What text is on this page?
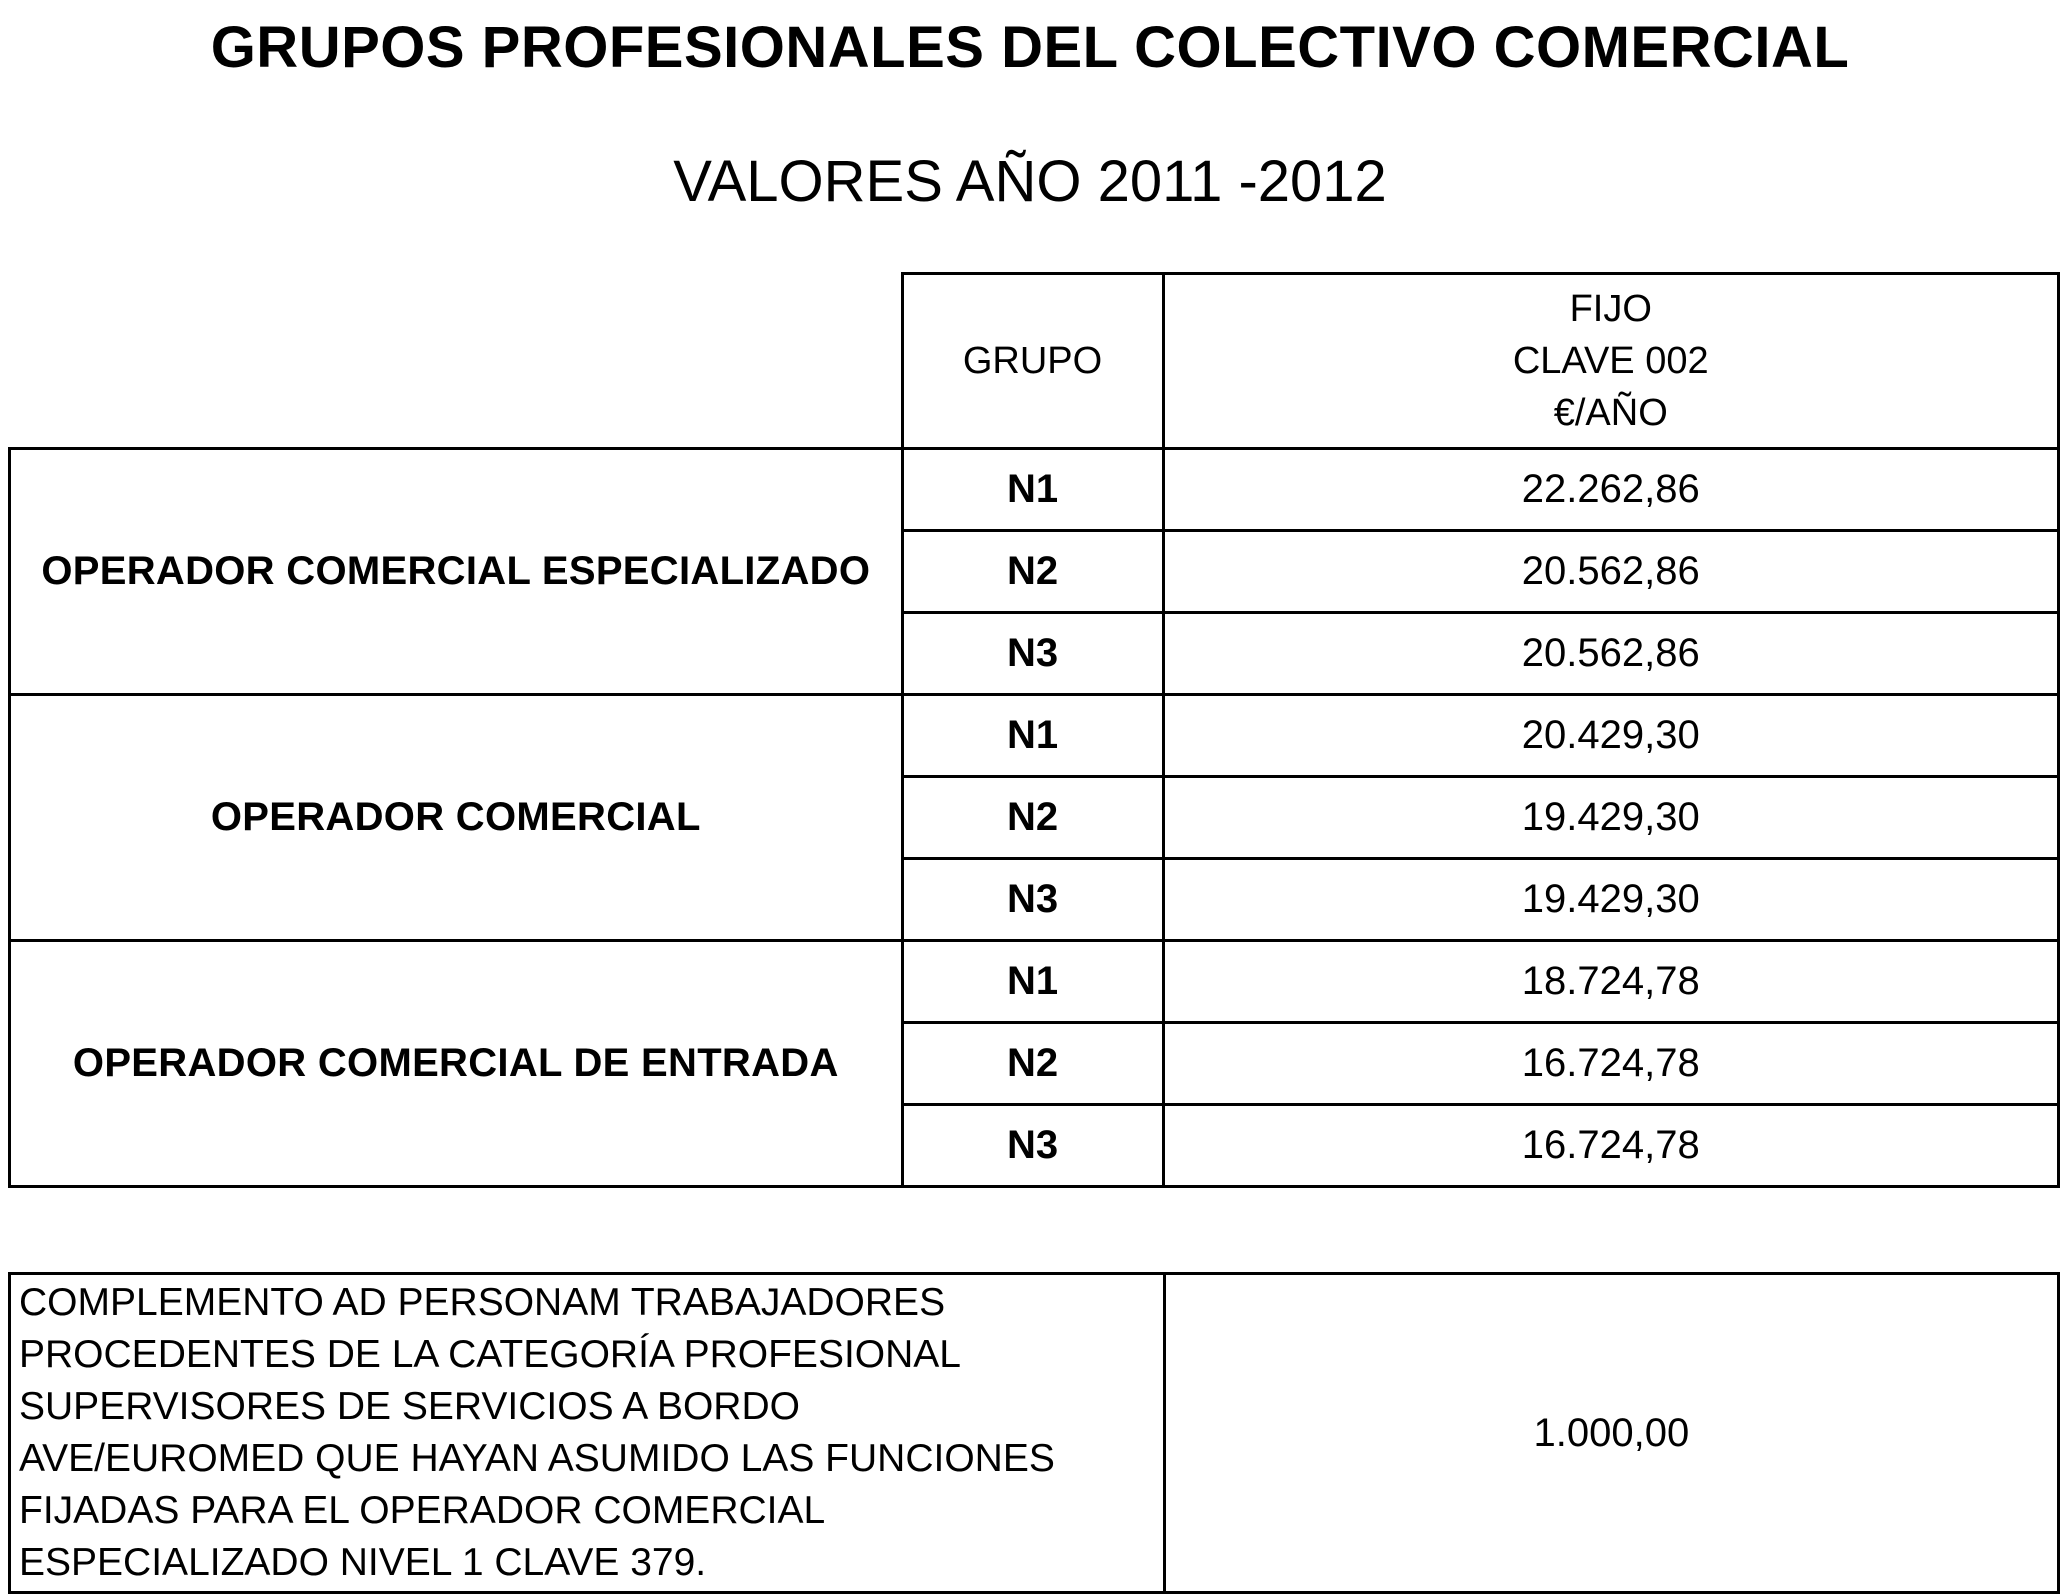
GRUPOS PROFESIONALES DEL COLECTIVO COMERCIAL
VALORES AÑO 2011 -2012
	GRUPO	FIJO
CLAVE 002
€/AÑO

OPERADOR COMERCIAL ESPECIALIZADO	N1	22.262,86
	N2	20.562,86
	N3	20.562,86
OPERADOR COMERCIAL	N1	20.429,30
	N2	19.429,30
	N3	19.429,30
OPERADOR COMERCIAL DE ENTRADA	N1	18.724,78
	N2	16.724,78
	N3	16.724,78
COMPLEMENTO AD PERSONAM TRABAJADORES
PROCEDENTES DE LA CATEGORÍA PROFESIONAL
SUPERVISORES DE SERVICIOS A BORDO
AVE/EUROMED QUE HAYAN ASUMIDO LAS FUNCIONES
FIJADAS PARA EL OPERADOR COMERCIAL
ESPECIALIZADO NIVEL 1 CLAVE 379.
	1.000,00
